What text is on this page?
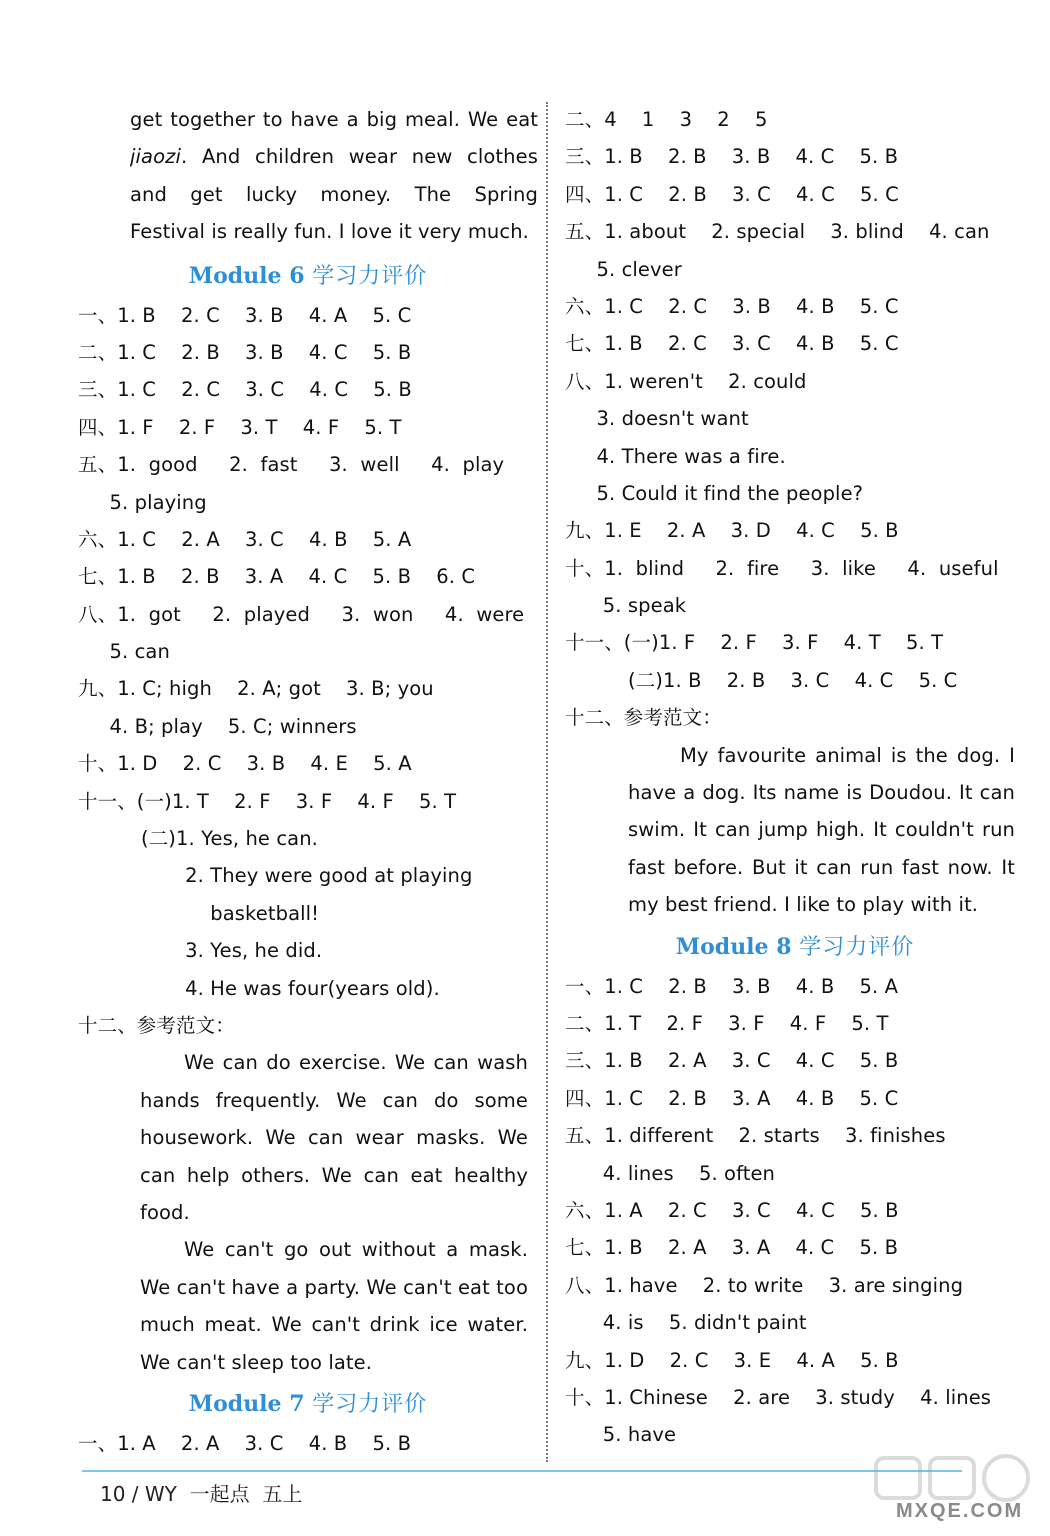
get together to have a big meal. We eat
jiaozi. And children wear new clothes
and get lucky money. The Spring
Festival is really fun. I love it very much.
Module 6 学习力评价
一、1. B    2. C    3. B    4. A    5. C
二、1. C    2. B    3. B    4. C    5. B
三、1. C    2. C    3. C    4. C    5. B
四、1. F    2. F    3. T    4. F    5. T
五、1.  good     2.  fast     3.  well     4.  play
5. playing
六、1. C    2. A    3. C    4. B    5. A
七、1. B    2. B    3. A    4. C    5. B    6. C
八、1.  got     2.  played     3.  won     4.  were
5. can
九、1. C; high    2. A; got    3. B; you
4. B; play    5. C; winners
十、1. D    2. C    3. B    4. E    5. A
十一、(一)1. T    2. F    3. F    4. F    5. T
(二)1. Yes, he can.
2. They were good at playing
basketball!
3. Yes, he did.
4. He was four(years old).
十二、参考范文：
We can do exercise. We can wash
hands frequently. We can do some
housework. We can wear masks. We
can help others. We can eat healthy
food.
We can't go out without a mask.
We can't have a party. We can't eat too
much meat. We can't drink ice water.
We can't sleep too late.
Module 7 学习力评价
一、1. A    2. A    3. C    4. B    5. B
二、4    1    3    2    5
三、1. B    2. B    3. B    4. C    5. B
四、1. C    2. B    3. C    4. C    5. C
五、1. about    2. special    3. blind    4. can
5. clever
六、1. C    2. C    3. B    4. B    5. C
七、1. B    2. C    3. C    4. B    5. C
八、1. weren't    2. could
3. doesn't want
4. There was a fire.
5. Could it find the people?
九、1. E    2. A    3. D    4. C    5. B
十、1.  blind     2.  fire     3.  like     4.  useful
5. speak
十一、(一)1. F    2. F    3. F    4. T    5. T
(二)1. B    2. B    3. C    4. C    5. C
十二、参考范文：
My favourite animal is the dog. I
have a dog. Its name is Doudou. It can
swim. It can jump high. It couldn't run
fast before. But it can run fast now. It
my best friend. I like to play with it.
Module 8 学习力评价
一、1. C    2. B    3. B    4. B    5. A
二、1. T    2. F    3. F    4. F    5. T
三、1. B    2. A    3. C    4. C    5. B
四、1. C    2. B    3. A    4. B    5. C
五、1. different    2. starts    3. finishes
4. lines    5. often
六、1. A    2. C    3. C    4. C    5. B
七、1. B    2. A    3. A    4. C    5. B
八、1. have    2. to write    3. are singing
4. is    5. didn't paint
九、1. D    2. C    3. E    4. A    5. B
十、1. Chinese    2. are    3. study    4. lines
5. have
10 / WY  一起点  五上
MXQE.COM
